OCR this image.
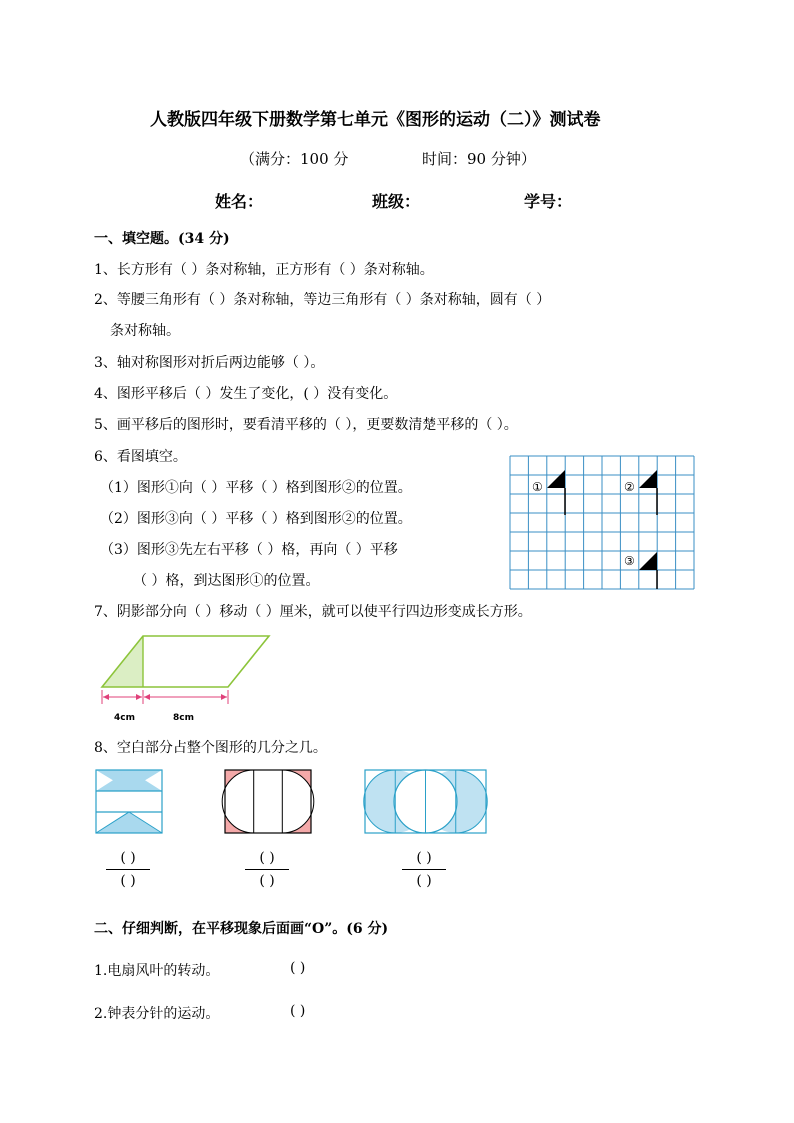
人教版四年级下册数学第七单元《图形的运动（二）》测试卷
（满分：100 分	时间：90 分钟）
姓名：	班级：	学号：
一、填空题。(34 分)
1、长方形有（ ）条对称轴，正方形有（ ）条对称轴。
2、等腰三角形有（ ）条对称轴，等边三角形有（ ）条对称轴，圆有（ ）
条对称轴。
3、轴对称图形对折后两边能够（ ）。
4、图形平移后（ ）发生了变化，( ）没有变化。
5、画平移后的图形时，要看清平移的（ ），更要数清楚平移的（ ）。
6、看图填空。
（1）图形①向（ ）平移（ ）格到图形②的位置。
（2）图形③向（ ）平移（ ）格到图形②的位置。
（3）图形③先左右平移（ ）格，再向（ ）平移
（ ）格，到达图形①的位置。
①	②
③
7、阴影部分向（ ）移动（ ）厘米，就可以使平行四边形变成长方形。
4cm	8cm
8、空白部分占整个图形的几分之几。
( )
( )
( )
( )
( )
( )
二、仔细判断，在平移现象后面画“O”。(6 分)
1.电扇风叶的转动。	( )
2.钟表分针的运动。	( )
